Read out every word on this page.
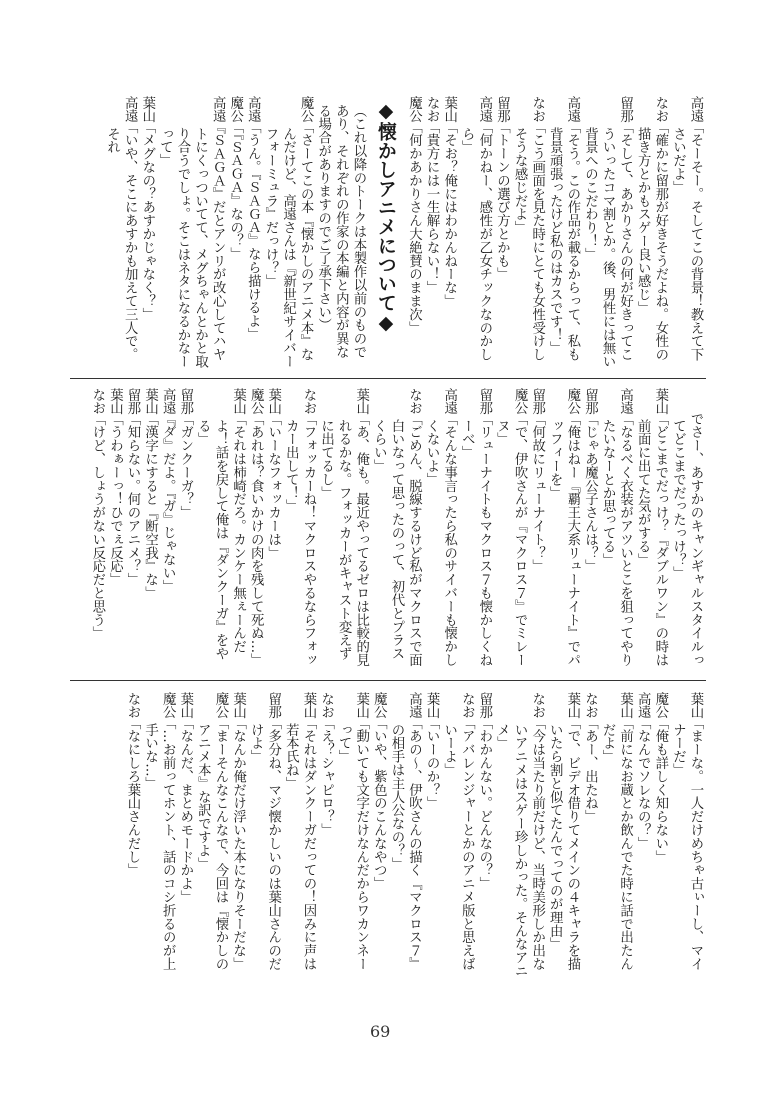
高遠
「そーそー。そしてこの背景！教えて下さいだよ」
なお
「確かに留那が好きそうだよね。女性の描き方とかもスゲー良い感じ」
留那
「そして、あかりさんの何が好きってこういったコマ割とか。後、男性には無い背景へのこだわり！」
高遠
「そう。この作品が載るからって、私も背景頑張ったけど私のはカスです！」
なお
「こう画面を見た時にとても女性受けしそうな感じだよ」
留那
「トーンの選び方とかも」
高遠
「何かねー、感性が乙女チックなのかしら」
葉山
「そお？俺にはわかんねーな」
なお
「貴方には一生解らない！」
魔公
「何かあかりさん大絶賛のまま次」
◆懐かしアニメについて◆
（これ以降のトークは本製作以前のものであり、それぞれの作家の本編と内容が異なる場合がありますのでご了承下さい）
魔公
「さーてこの本『懐かしのアニメ本』なんだけど、高遠さんは『新世紀サイバーフォーミュラ』だっけ？」
高遠
「うん。『ＳＡＧＡ』なら描けるよ」
魔公
「『ＳＡＧＡ』なの？」
高遠
『ＳＡＧＡ』だとアンリが改心してハヤトにくっついてて、メグちゃんとかと取り合うでしょ。そこはネタになるかなーって」
葉山
「メグなの？あすかじゃなく？」
高遠
「いや、そこにあすかも加えて三人で。それ
でさー、あすかのキャンギャルスタイルってどこまでだったっけ？」
葉山
「どこまでだっけ？『ダブルワン』の時は前面に出てた気がする」
高遠
「なるべく衣装がアツいとこを狙ってやりたいなーとか思ってる」
留那
「じゃあ魔公子さんは？」
魔公
「俺はねー『覇王大系リューナイト』でパッフィーを」
留那
「何故にリューナイト？」
魔公
「で、伊吹さんが『マクロス７』でミレーヌ」
留那
「リューナイトもマクロス７も懐かしくねーべ」
高遠
「そんな事言ったら私のサイバーも懐かしくないよ」
なお
「ごめん、脱線するけど私がマクロスで面白いなって思ったのって、初代とプラスくらい」
葉山
「あ、俺も。最近やってるゼロは比較的見れるかな。フォッカーがキャスト変えずに出てるし」
なお
「フォッカーね！マクロスやるならフォッカー出して！」
葉山
「いーなフォッカーは」
魔公
「あれは？食いかけの肉を残して死ぬ…」
葉山
「それは柿崎だろ。カンケー無ぇーんだよ！話を戻して俺は『ダンクーガ』をやる」
留那
「ガンクーガ？」
高遠
『ダ』だよ。『ガ』じゃない」
葉山
「漢字にすると『断空我』な」
留那
「知らない。何のアニメ？」
葉山
「うわぁーっ！ひでぇ反応」
なお
「けど、しょうがない反応だと思う」
葉山
「まーな。一人だけめちゃ古ぃーし、マイナーだ」
魔公
「俺も詳しく知らない」
高遠
「なんでソレなの？」
葉山
「前になお蔵とか飲んでた時に話で出たんだよ」
なお
「あー、出たね」
葉山
「で、ビデオ借りてメインの４キャラを描いたら割と似てたんでってのが理由」
なお
「今は当たり前だけど、当時美形しか出ないアニメはスゲー珍しかった。そんなアニメ」
留那
「わかんない。どんなの？」
なお
「アバレンジャーとかのアニメ版と思えばいーよ」
葉山
「いーのか？」
高遠
「あの～、伊吹さんの描く『マクロス７』の相手は主人公なの？」
魔公
「いや、紫色のこんなやつ」
葉山
「動いても文字だけなんだからワカンネーって」
なお
「え？シャピロ？」
葉山
「それはダンクーガだっての！因みに声は若本氏ね」
留那
「多分ね、マジ懐かしいのは葉山さんのだけよ」
葉山
「なんか俺だけ浮いた本になりそーだな」
魔公
「まーそんなこんなで、今回は『懐かしのアニメ本』な訳ですよ」
葉山
「なんだ、まとめモードかよ」
魔公
「…お前ってホント、話のコシ折るのが上手いな…」
なお
「なにしろ葉山さんだし」
69
